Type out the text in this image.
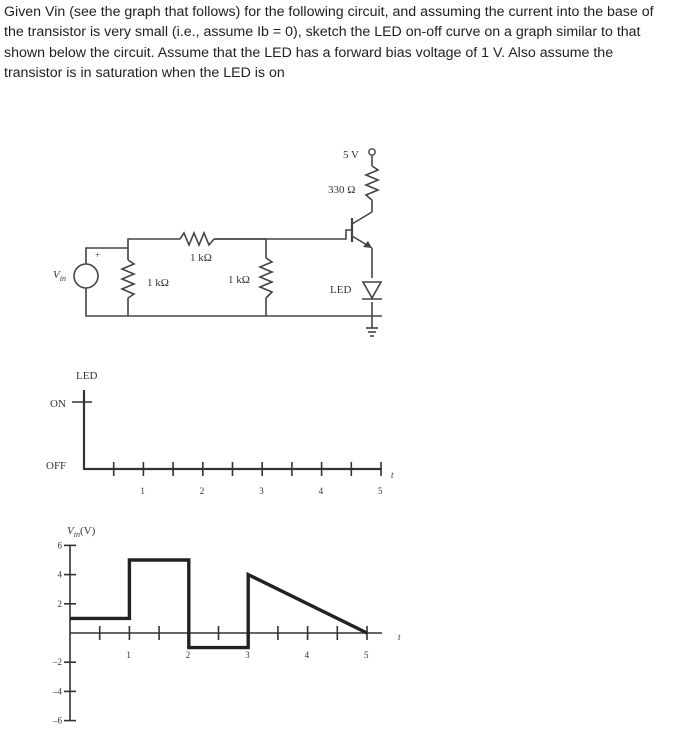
Given Vin (see the graph that follows) for the following circuit, and assuming the current into the base of the transistor is very small (i.e., assume Ib = 0), sketch the LED on-off curve on a graph similar to that shown below the circuit. Assume that the LED has a forward bias voltage of 1 V. Also assume the transistor is in saturation when the LED is on

5 V
330 Ω
1 kΩ
1 kΩ	1 kΩ
+
$V_{in}$
LED
LED
ON
OFF
1	2	3	4	5
t
$V_{in}(V)$
6
4
2
–2
–4
–6
1	2	3	4	5
t
